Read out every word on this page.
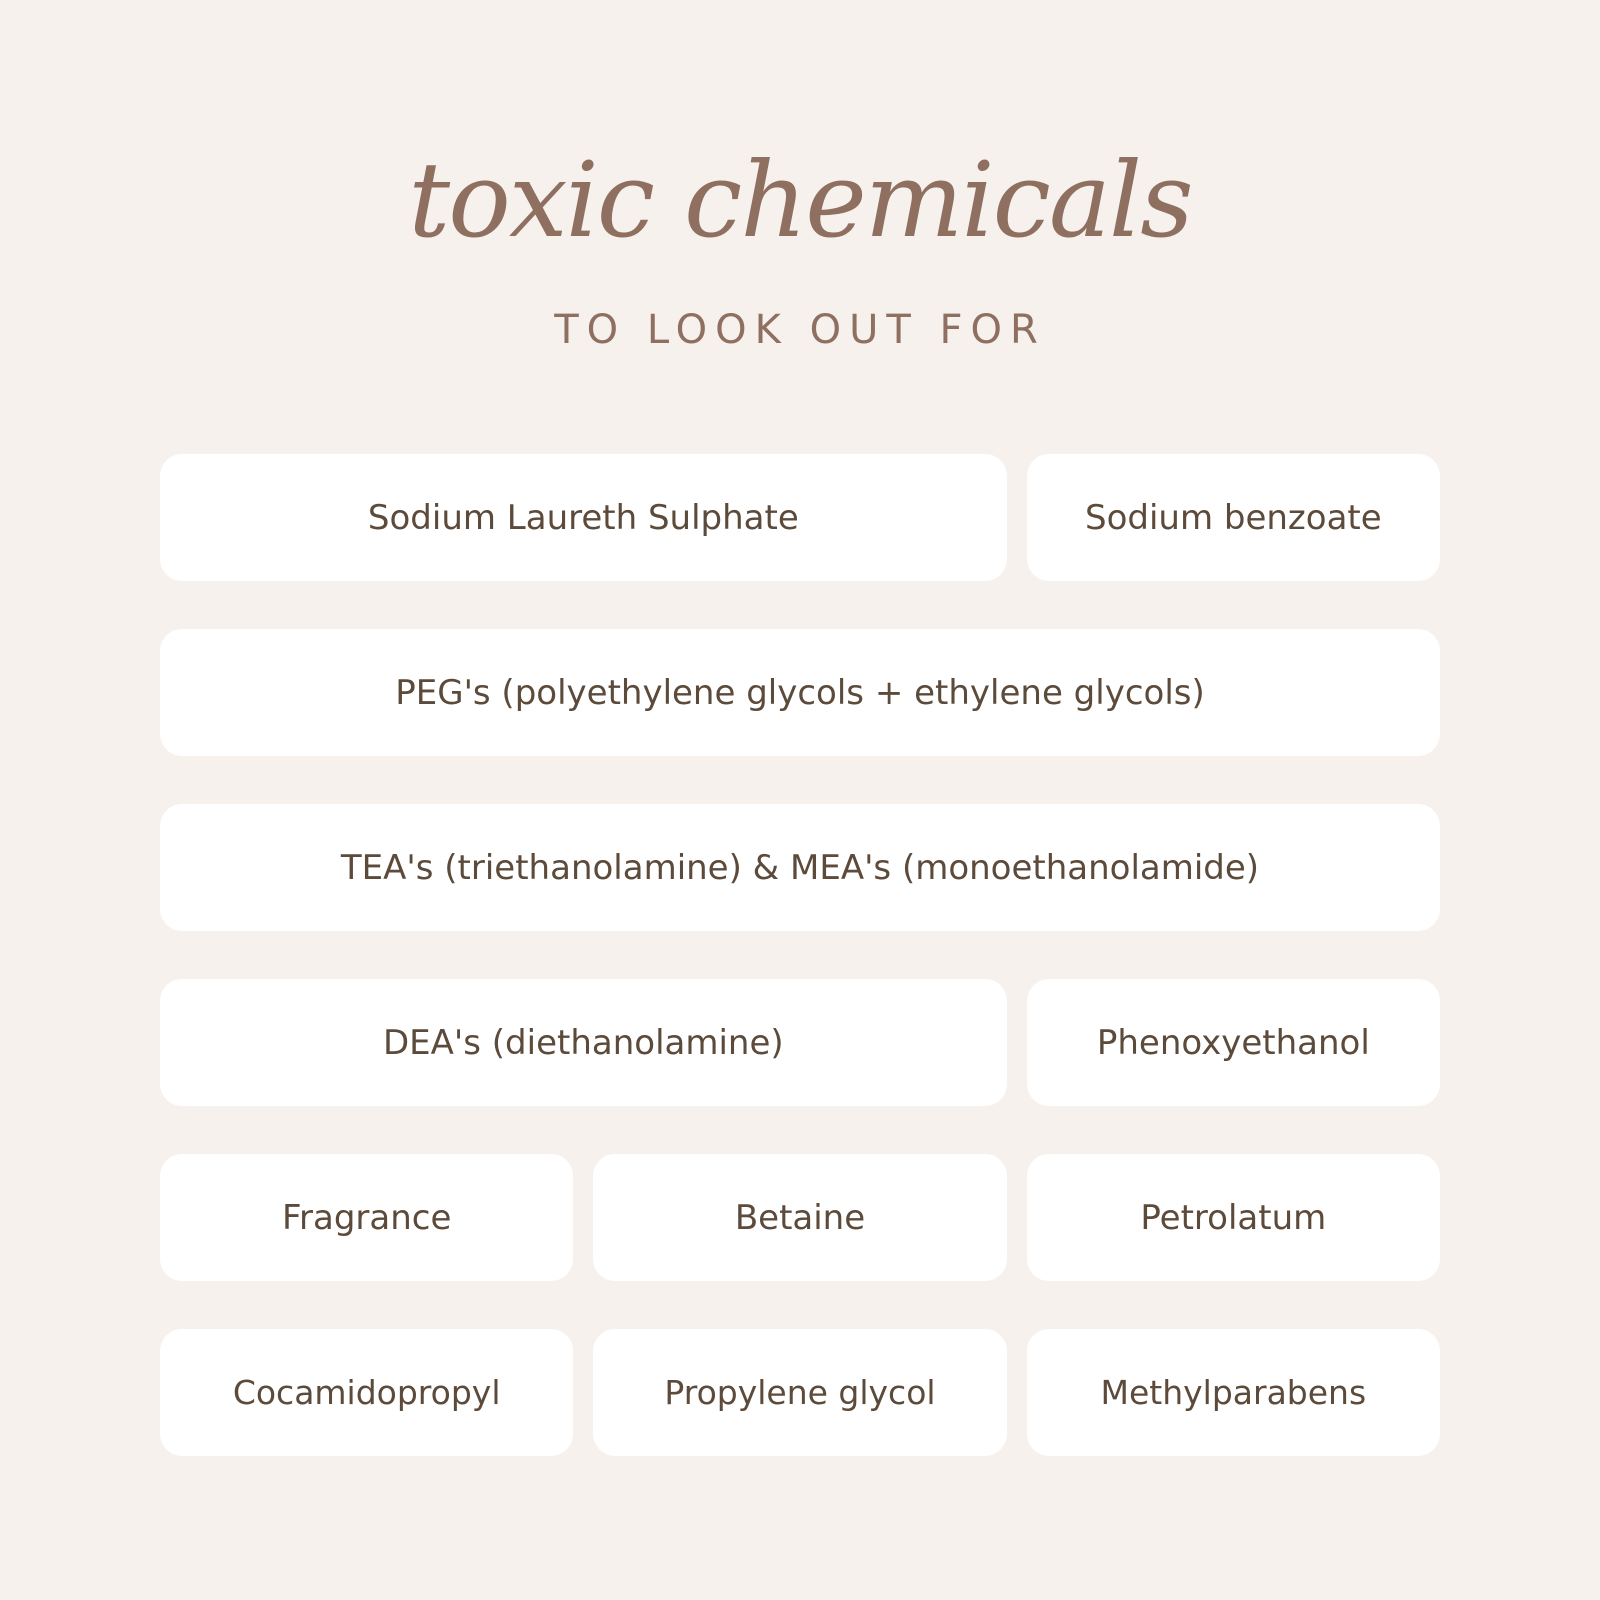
toxic chemicals
TO LOOK OUT FOR
Sodium Laureth Sulphate	Sodium benzoate
PEG's (polyethylene glycols + ethylene glycols)
TEA's (triethanolamine) & MEA's (monoethanolamide)
DEA's (diethanolamine)	Phenoxyethanol
Fragrance	Betaine	Petrolatum
Cocamidopropyl	Propylene glycol	Methylparabens
